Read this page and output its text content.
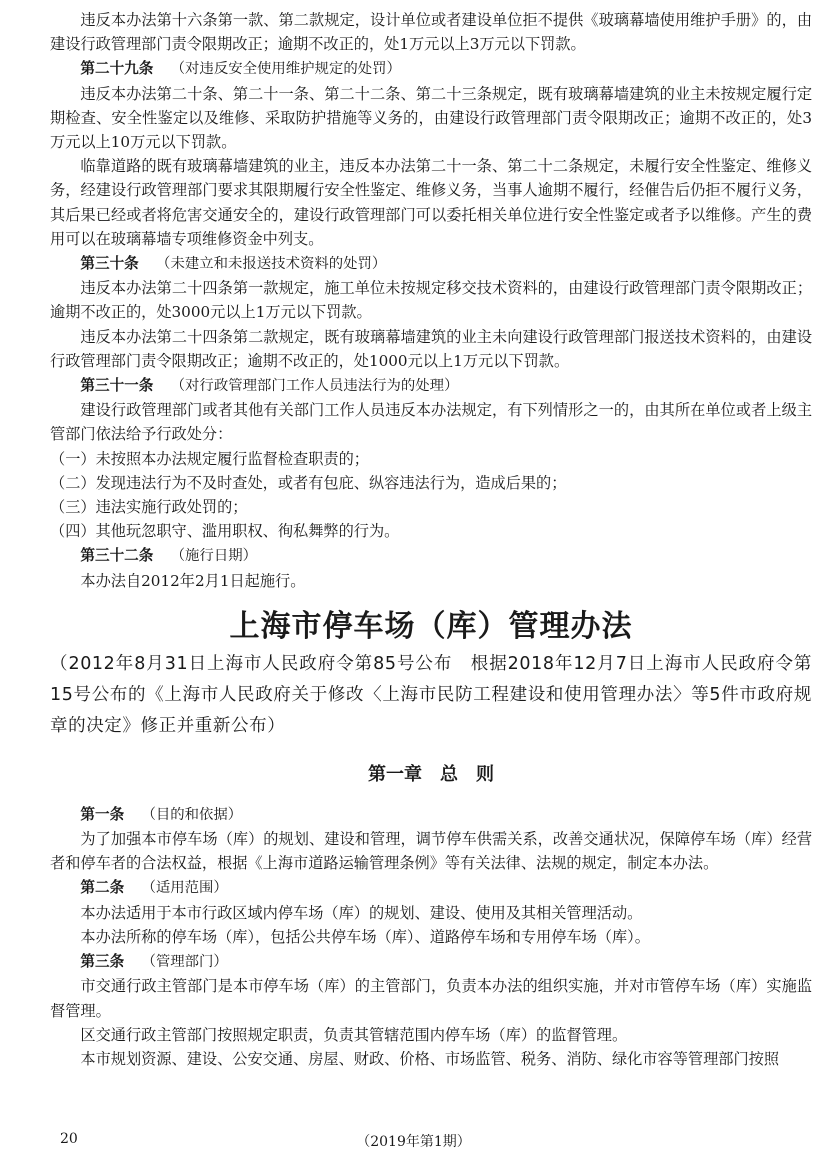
违反本办法第十六条第一款、第二款规定，设计单位或者建设单位拒不提供《玻璃幕墙使用维护手册》的，由建设行政管理部门责令限期改正；逾期不改正的，处1万元以上3万元以下罚款。

第二十九条 （对违反安全使用维护规定的处罚）

违反本办法第二十条、第二十一条、第二十二条、第二十三条规定，既有玻璃幕墙建筑的业主未按规定履行定期检查、安全性鉴定以及维修、采取防护措施等义务的，由建设行政管理部门责令限期改正；逾期不改正的，处3万元以上10万元以下罚款。

临靠道路的既有玻璃幕墙建筑的业主，违反本办法第二十一条、第二十二条规定，未履行安全性鉴定、维修义务，经建设行政管理部门要求其限期履行安全性鉴定、维修义务，当事人逾期不履行，经催告后仍拒不履行义务，其后果已经或者将危害交通安全的，建设行政管理部门可以委托相关单位进行安全性鉴定或者予以维修。产生的费用可以在玻璃幕墙专项维修资金中列支。

第三十条 （未建立和未报送技术资料的处罚）

违反本办法第二十四条第一款规定，施工单位未按规定移交技术资料的，由建设行政管理部门责令限期改正；逾期不改正的，处3000元以上1万元以下罚款。

违反本办法第二十四条第二款规定，既有玻璃幕墙建筑的业主未向建设行政管理部门报送技术资料的，由建设行政管理部门责令限期改正；逾期不改正的，处1000元以上1万元以下罚款。

第三十一条 （对行政管理部门工作人员违法行为的处理）

建设行政管理部门或者其他有关部门工作人员违反本办法规定，有下列情形之一的，由其所在单位或者上级主管部门依法给予行政处分：

（一）未按照本办法规定履行监督检查职责的；

（二）发现违法行为不及时查处，或者有包庇、纵容违法行为，造成后果的；

（三）违法实施行政处罚的；

（四）其他玩忽职守、滥用职权、徇私舞弊的行为。

第三十二条 （施行日期）

本办法自2012年2月1日起施行。

上海市停车场（库）管理办法

（2012年8月31日上海市人民政府令第85号公布　根据2018年12月7日上海市人民政府令第15号公布的《上海市人民政府关于修改〈上海市民防工程建设和使用管理办法〉等5件市政府规章的决定》修正并重新公布）

第一章　总　则

第一条 （目的和依据）

为了加强本市停车场（库）的规划、建设和管理，调节停车供需关系，改善交通状况，保障停车场（库）经营者和停车者的合法权益，根据《上海市道路运输管理条例》等有关法律、法规的规定，制定本办法。

第二条 （适用范围）

本办法适用于本市行政区域内停车场（库）的规划、建设、使用及其相关管理活动。

本办法所称的停车场（库），包括公共停车场（库）、道路停车场和专用停车场（库）。

第三条 （管理部门）

市交通行政主管部门是本市停车场（库）的主管部门，负责本办法的组织实施，并对市管停车场（库）实施监督管理。

区交通行政主管部门按照规定职责，负责其管辖范围内停车场（库）的监督管理。

本市规划资源、建设、公安交通、房屋、财政、价格、市场监管、税务、消防、绿化市容等管理部门按照

20	（2019年第1期）
